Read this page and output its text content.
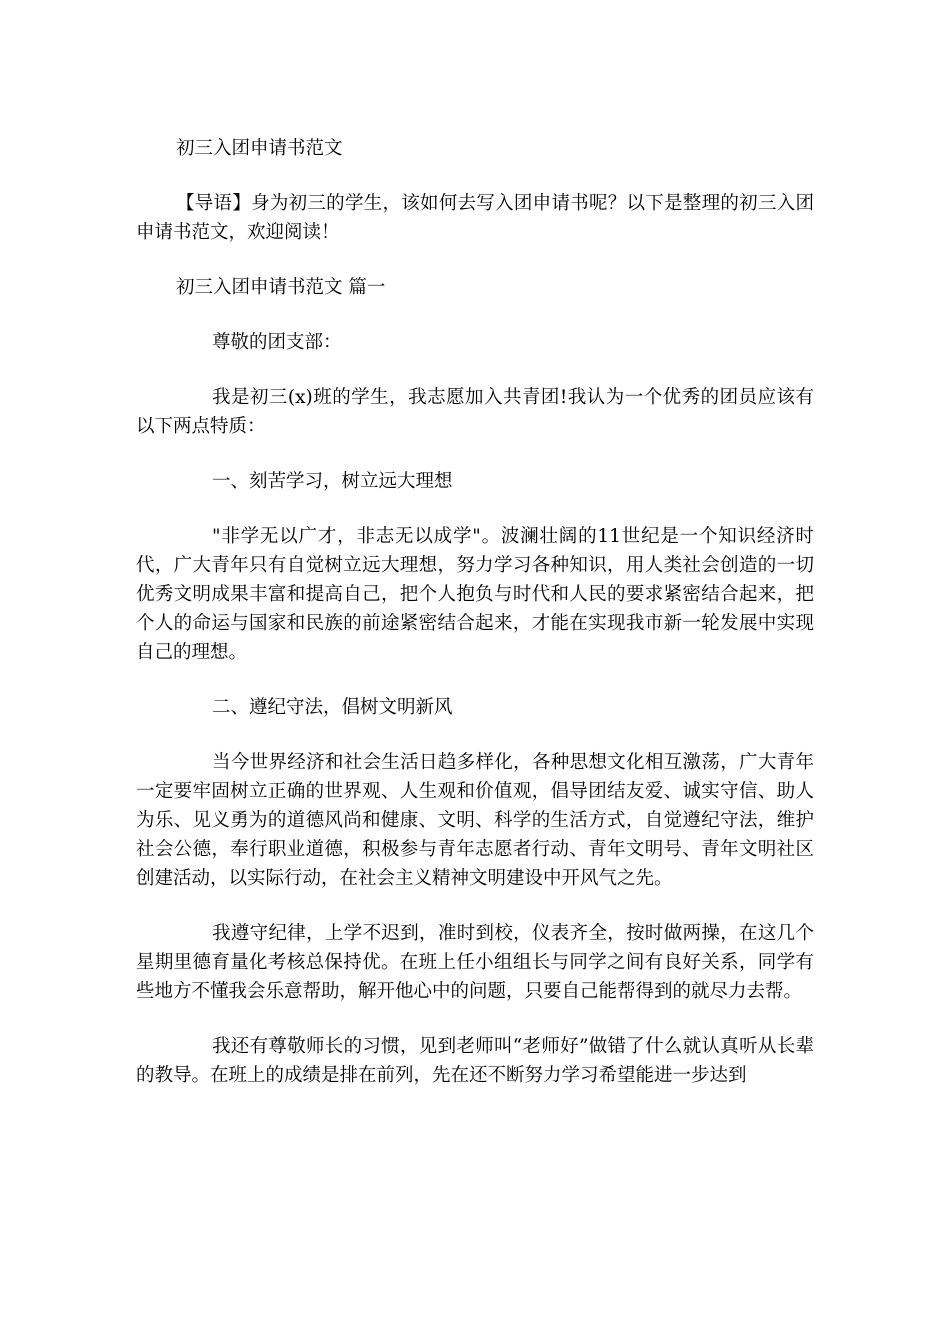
初三入团申请书范文

【导语】身为初三的学生，该如何去写入团申请书呢？以下是整理的初三入团申请书范文，欢迎阅读！

初三入团申请书范文 篇一

尊敬的团支部：

我是初三(x)班的学生，我志愿加入共青团!我认为一个优秀的团员应该有以下两点特质：

一、刻苦学习，树立远大理想

"非学无以广才，非志无以成学"。波澜壮阔的11世纪是一个知识经济时代，广大青年只有自觉树立远大理想，努力学习各种知识，用人类社会创造的一切优秀文明成果丰富和提高自己，把个人抱负与时代和人民的要求紧密结合起来，把个人的命运与国家和民族的前途紧密结合起来，才能在实现我市新一轮发展中实现自己的理想。

二、遵纪守法，倡树文明新风

当今世界经济和社会生活日趋多样化，各种思想文化相互激荡，广大青年一定要牢固树立正确的世界观、人生观和价值观，倡导团结友爱、诚实守信、助人为乐、见义勇为的道德风尚和健康、文明、科学的生活方式，自觉遵纪守法，维护社会公德，奉行职业道德，积极参与青年志愿者行动、青年文明号、青年文明社区创建活动，以实际行动，在社会主义精神文明建设中开风气之先。

我遵守纪律，上学不迟到，准时到校，仪表齐全，按时做两操，在这几个星期里德育量化考核总保持优。在班上任小组组长与同学之间有良好关系，同学有些地方不懂我会乐意帮助，解开他心中的问题，只要自己能帮得到的就尽力去帮。

我还有尊敬师长的习惯，见到老师叫“老师好”做错了什么就认真听从长辈的教导。在班上的成绩是排在前列，先在还不断努力学习希望能进一步达到
